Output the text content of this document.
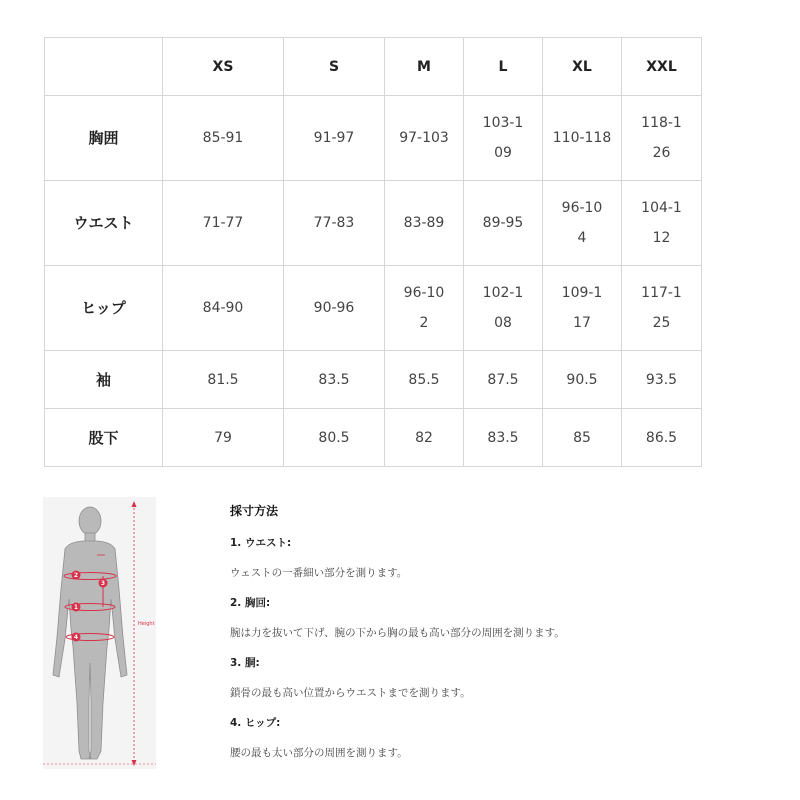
	XS	S	M	L	XL	XXL
胸囲	85-91	91-97	97-103	103-109	110-118	118-126
ウエスト	71-77	77-83	83-89	89-95	96-104	104-112
ヒップ	84-90	90-96	96-102	102-108	109-117	117-125
袖	81.5	83.5	85.5	87.5	90.5	93.5
股下	79	80.5	82	83.5	85	86.5
2
3
1
4
Height
採寸方法
1. ウエスト:
ウェストの一番細い部分を測ります。
2. 胸回:
腕は力を抜いて下げ、腕の下から胸の最も高い部分の周囲を測ります。
3. 胴:
鎖骨の最も高い位置からウエストまでを測ります。
4. ヒップ:
腰の最も太い部分の周囲を測ります。
